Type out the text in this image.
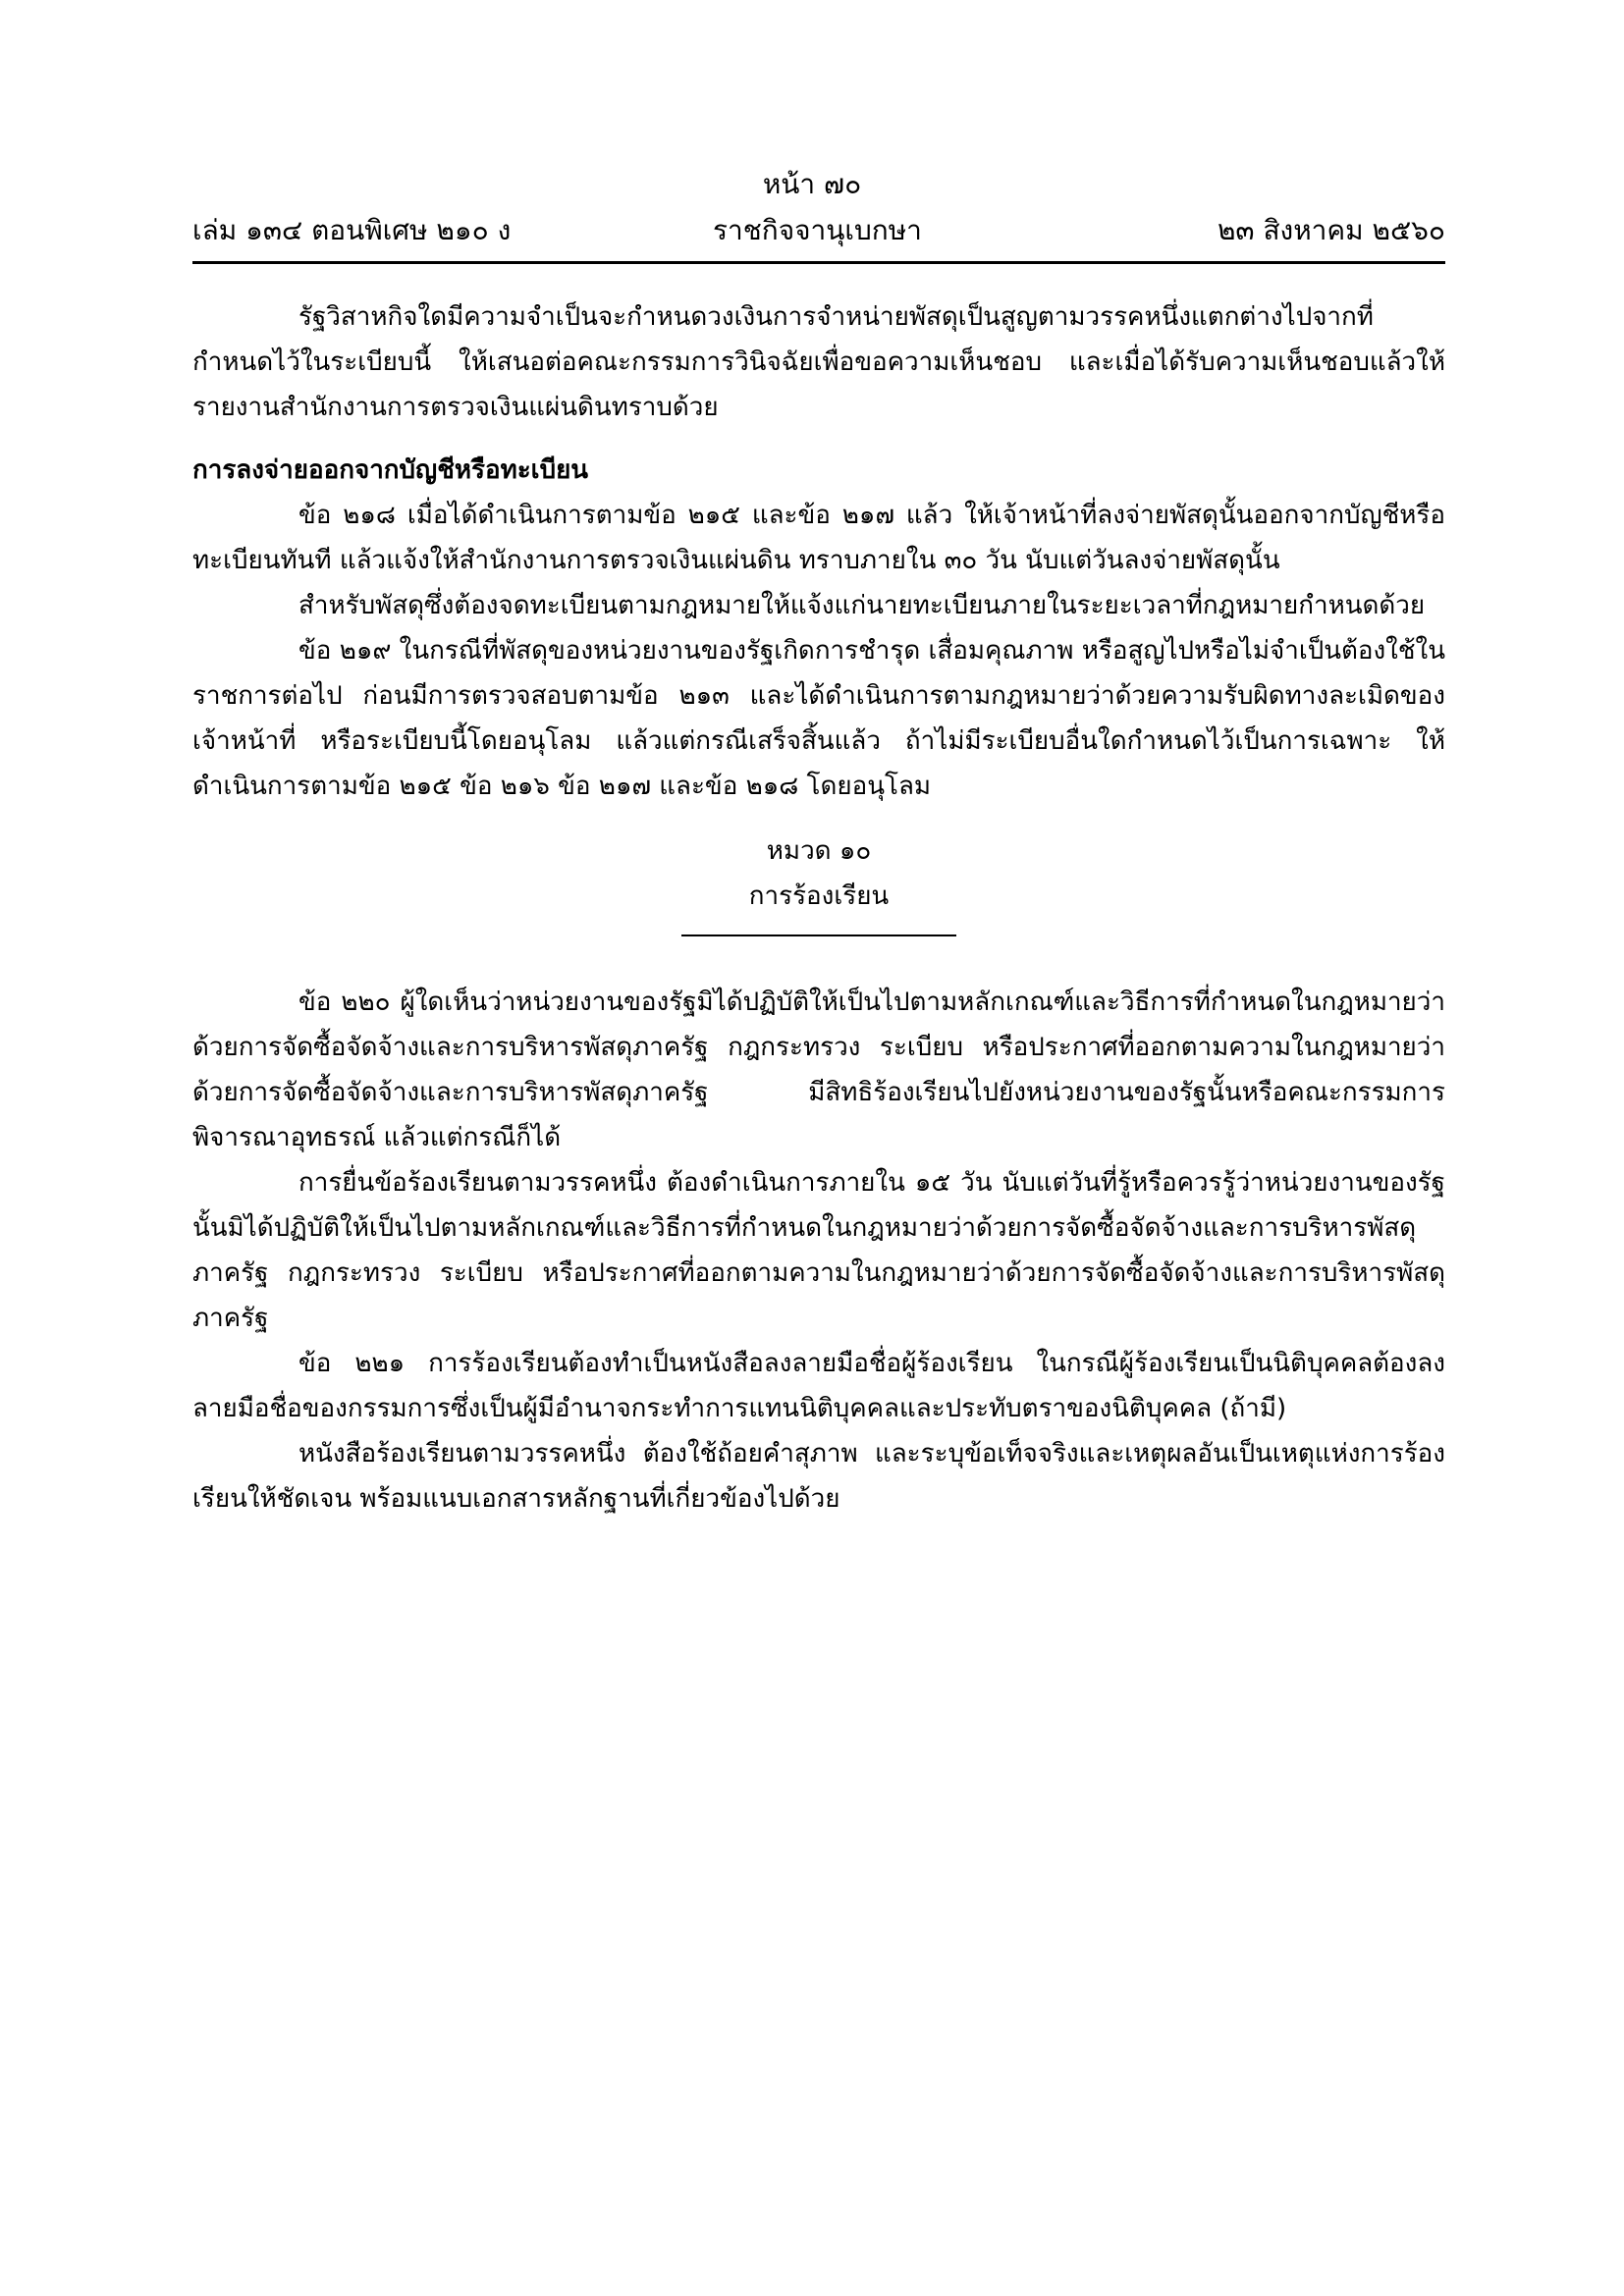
หน้า ๗๐
เล่ม ๑๓๔ ตอนพิเศษ ๒๑๐ ง	ราชกิจจานุเบกษา	๒๓ สิงหาคม ๒๕๖๐

รัฐวิสาหกิจใดมีความจำเป็นจะกำหนดวงเงินการจำหน่ายพัสดุเป็นสูญตามวรรคหนึ่งแตกต่างไปจากที่กำหนดไว้ในระเบียบนี้ ให้เสนอต่อคณะกรรมการวินิจฉัยเพื่อขอความเห็นชอบ และเมื่อได้รับความเห็นชอบแล้วให้รายงานสำนักงานการตรวจเงินแผ่นดินทราบด้วย

การลงจ่ายออกจากบัญชีหรือทะเบียน

ข้อ ๒๑๘ เมื่อได้ดำเนินการตามข้อ ๒๑๕ และข้อ ๒๑๗ แล้ว ให้เจ้าหน้าที่ลงจ่ายพัสดุนั้นออกจากบัญชีหรือทะเบียนทันที แล้วแจ้งให้สำนักงานการตรวจเงินแผ่นดิน ทราบภายใน ๓๐ วัน นับแต่วันลงจ่ายพัสดุนั้น

สำหรับพัสดุซึ่งต้องจดทะเบียนตามกฎหมายให้แจ้งแก่นายทะเบียนภายในระยะเวลาที่กฎหมายกำหนดด้วย

ข้อ ๒๑๙ ในกรณีที่พัสดุของหน่วยงานของรัฐเกิดการชำรุด เสื่อมคุณภาพ หรือสูญไปหรือไม่จำเป็นต้องใช้ในราชการต่อไป ก่อนมีการตรวจสอบตามข้อ ๒๑๓ และได้ดำเนินการตามกฎหมายว่าด้วยความรับผิดทางละเมิดของเจ้าหน้าที่ หรือระเบียบนี้โดยอนุโลม แล้วแต่กรณีเสร็จสิ้นแล้ว ถ้าไม่มีระเบียบอื่นใดกำหนดไว้เป็นการเฉพาะ ให้ดำเนินการตามข้อ ๒๑๕ ข้อ ๒๑๖ ข้อ ๒๑๗ และข้อ ๒๑๘ โดยอนุโลม

หมวด ๑๐

การร้องเรียน

ข้อ ๒๒๐ ผู้ใดเห็นว่าหน่วยงานของรัฐมิได้ปฏิบัติให้เป็นไปตามหลักเกณฑ์และวิธีการที่กำหนดในกฎหมายว่าด้วยการจัดซื้อจัดจ้างและการบริหารพัสดุภาครัฐ กฎกระทรวง ระเบียบ หรือประกาศที่ออกตามความในกฎหมายว่าด้วยการจัดซื้อจัดจ้างและการบริหารพัสดุภาครัฐ มีสิทธิร้องเรียนไปยังหน่วยงานของรัฐนั้นหรือคณะกรรมการพิจารณาอุทธรณ์ แล้วแต่กรณีก็ได้

การยื่นข้อร้องเรียนตามวรรคหนึ่ง ต้องดำเนินการภายใน ๑๕ วัน นับแต่วันที่รู้หรือควรรู้ว่าหน่วยงานของรัฐนั้นมิได้ปฏิบัติให้เป็นไปตามหลักเกณฑ์และวิธีการที่กำหนดในกฎหมายว่าด้วยการจัดซื้อจัดจ้างและการบริหารพัสดุภาครัฐ กฎกระทรวง ระเบียบ หรือประกาศที่ออกตามความในกฎหมายว่าด้วยการจัดซื้อจัดจ้างและการบริหารพัสดุภาครัฐ

ข้อ ๒๒๑ การร้องเรียนต้องทำเป็นหนังสือลงลายมือชื่อผู้ร้องเรียน ในกรณีผู้ร้องเรียนเป็นนิติบุคคลต้องลงลายมือชื่อของกรรมการซึ่งเป็นผู้มีอำนาจกระทำการแทนนิติบุคคลและประทับตราของนิติบุคคล (ถ้ามี)

หนังสือร้องเรียนตามวรรคหนึ่ง ต้องใช้ถ้อยคำสุภาพ และระบุข้อเท็จจริงและเหตุผลอันเป็นเหตุแห่งการร้องเรียนให้ชัดเจน พร้อมแนบเอกสารหลักฐานที่เกี่ยวข้องไปด้วย
